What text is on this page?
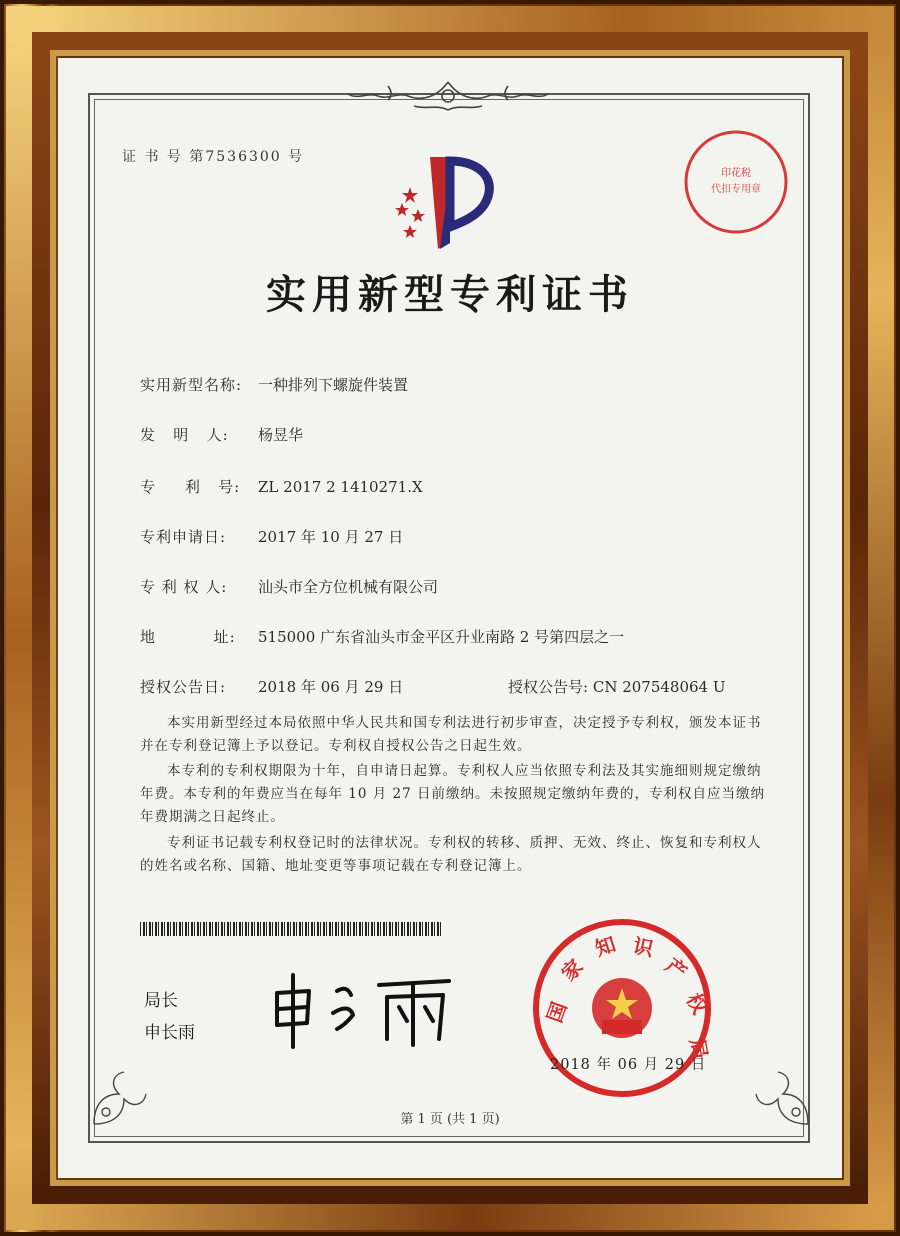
证 书 号 第7536300 号
印花税
代扣专用章
实用新型专利证书
实用新型名称: 一种排列下螺旋件装置
发   明   人: 杨昱华
专     利   号: ZL 2017 2 1410271.X
专利申请日: 2017 年 10 月 27 日
专 利 权 人: 汕头市全方位机械有限公司
地          址: 515000 广东省汕头市金平区升业南路 2 号第四层之一
授权公告日: 2018 年 06 月 29 日	授权公告号: CN 207548064 U
本实用新型经过本局依照中华人民共和国专利法进行初步审查，决定授予专利权，颁发本证书并在专利登记簿上予以登记。专利权自授权公告之日起生效。
本专利的专利权期限为十年，自申请日起算。专利权人应当依照专利法及其实施细则规定缴纳年费。本专利的年费应当在每年 10 月 27 日前缴纳。未按照规定缴纳年费的，专利权自应当缴纳年费期满之日起终止。
专利证书记载专利权登记时的法律状况。专利权的转移、质押、无效、终止、恢复和专利权人的姓名或名称、国籍、地址变更等事项记载在专利登记簿上。
局长
申长雨
国
家
知 识
产
权
局
2018 年 06 月 29 日
第 1 页 (共 1 页)
